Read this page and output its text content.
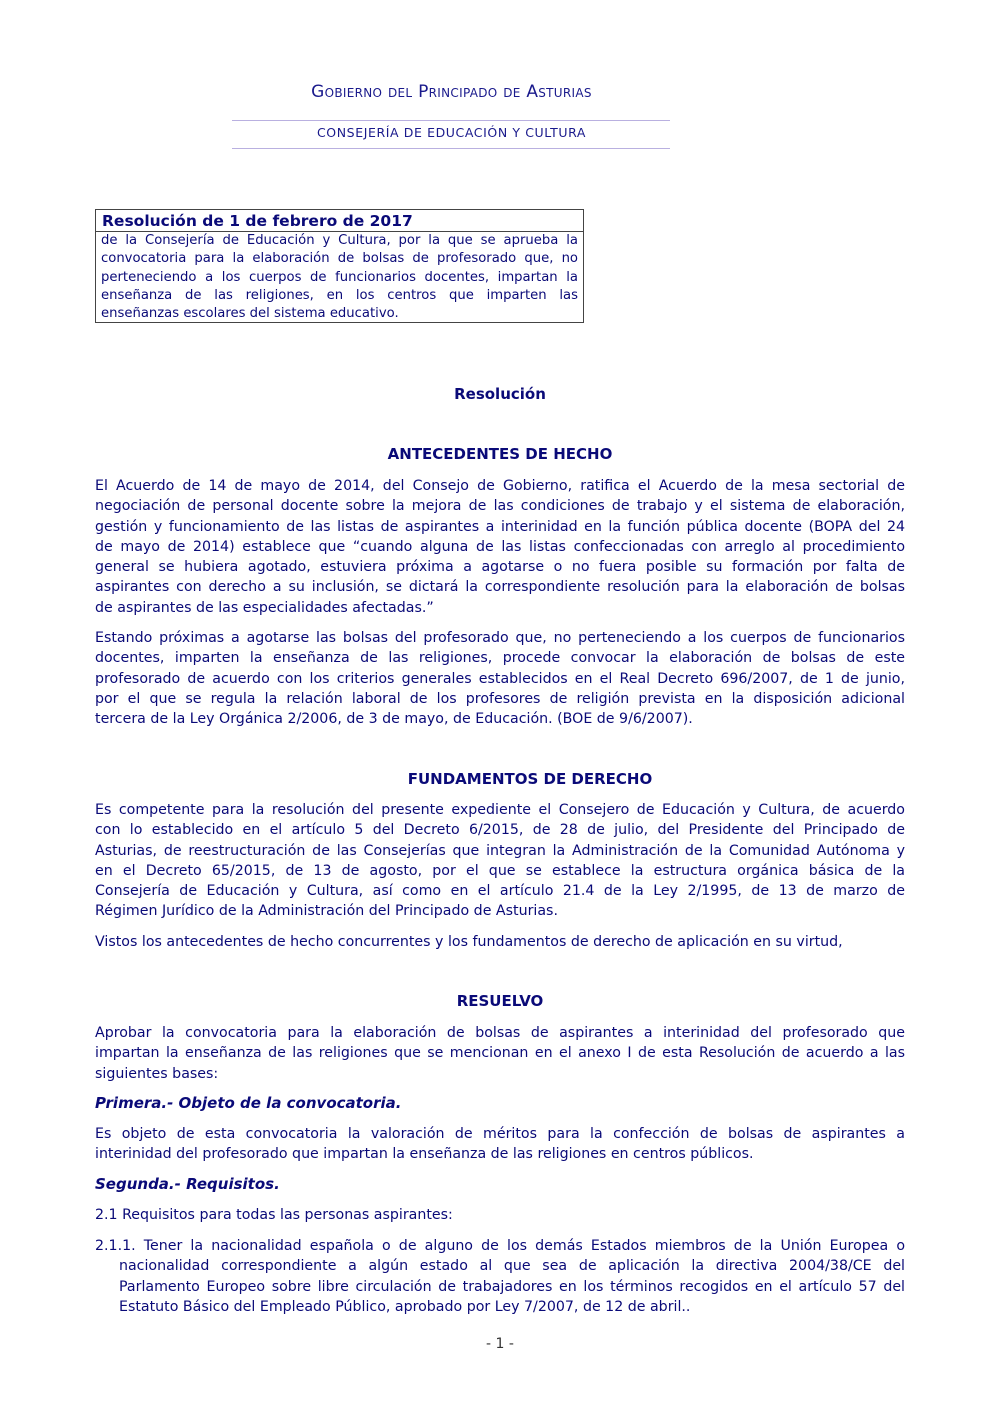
Gobierno del Principado de Asturias
CONSEJERÍA DE EDUCACIÓN Y CULTURA
Resolución de 1 de febrero de 2017
de la Consejería de Educación y Cultura, por la que se aprueba la
convocatoria para la elaboración de bolsas de profesorado que, no
perteneciendo a los cuerpos de funcionarios docentes, impartan la
enseñanza de las religiones, en los centros que imparten las
enseñanzas escolares del sistema educativo.
Resolución
ANTECEDENTES DE HECHO
El Acuerdo de 14 de mayo de 2014, del Consejo de Gobierno, ratifica el Acuerdo de la mesa sectorial de
negociación de personal docente sobre la mejora de las condiciones de trabajo y el sistema de elaboración,
gestión y funcionamiento de las listas de aspirantes a interinidad en la función pública docente (BOPA del 24
de mayo de 2014) establece que “cuando alguna de las listas confeccionadas con arreglo al procedimiento
general se hubiera agotado, estuviera próxima a agotarse o no fuera posible su formación por falta de
aspirantes con derecho a su inclusión, se dictará la correspondiente resolución para la elaboración de bolsas
de aspirantes de las especialidades afectadas.”
Estando próximas a agotarse las bolsas del profesorado que, no perteneciendo a los cuerpos de funcionarios
docentes, imparten la enseñanza de las religiones, procede convocar la elaboración de bolsas de este
profesorado de acuerdo con los criterios generales establecidos en el Real Decreto 696/2007, de 1 de junio,
por el que se regula la relación laboral de los profesores de religión prevista en la disposición adicional
tercera de la Ley Orgánica 2/2006, de 3 de mayo, de Educación. (BOE de 9/6/2007).
FUNDAMENTOS DE DERECHO
Es competente para la resolución del presente expediente el Consejero de Educación y Cultura, de acuerdo
con lo establecido en el artículo 5 del Decreto 6/2015, de 28 de julio, del Presidente del Principado de
Asturias, de reestructuración de las Consejerías que integran la Administración de la Comunidad Autónoma y
en el Decreto 65/2015, de 13 de agosto, por el que se establece la estructura orgánica básica de la
Consejería de Educación y Cultura, así como en el artículo 21.4 de la Ley 2/1995, de 13 de marzo de
Régimen Jurídico de la Administración del Principado de Asturias.
Vistos los antecedentes de hecho concurrentes y los fundamentos de derecho de aplicación en su virtud,
RESUELVO
Aprobar la convocatoria para la elaboración de bolsas de aspirantes a interinidad del profesorado que
impartan la enseñanza de las religiones que se mencionan en el anexo I de esta Resolución de acuerdo a las
siguientes bases:
Primera.- Objeto de la convocatoria.
Es objeto de esta convocatoria la valoración de méritos para la confección de bolsas de aspirantes a
interinidad del profesorado que impartan la enseñanza de las religiones en centros públicos.
Segunda.- Requisitos.
2.1 Requisitos para todas las personas aspirantes:
2.1.1. Tener la nacionalidad española o de alguno de los demás Estados miembros de la Unión Europea o
nacionalidad correspondiente a algún estado al que sea de aplicación la directiva 2004/38/CE del
Parlamento Europeo sobre libre circulación de trabajadores en los términos recogidos en el artículo 57 del
Estatuto Básico del Empleado Público, aprobado por Ley 7/2007, de 12 de abril..
- 1 -
